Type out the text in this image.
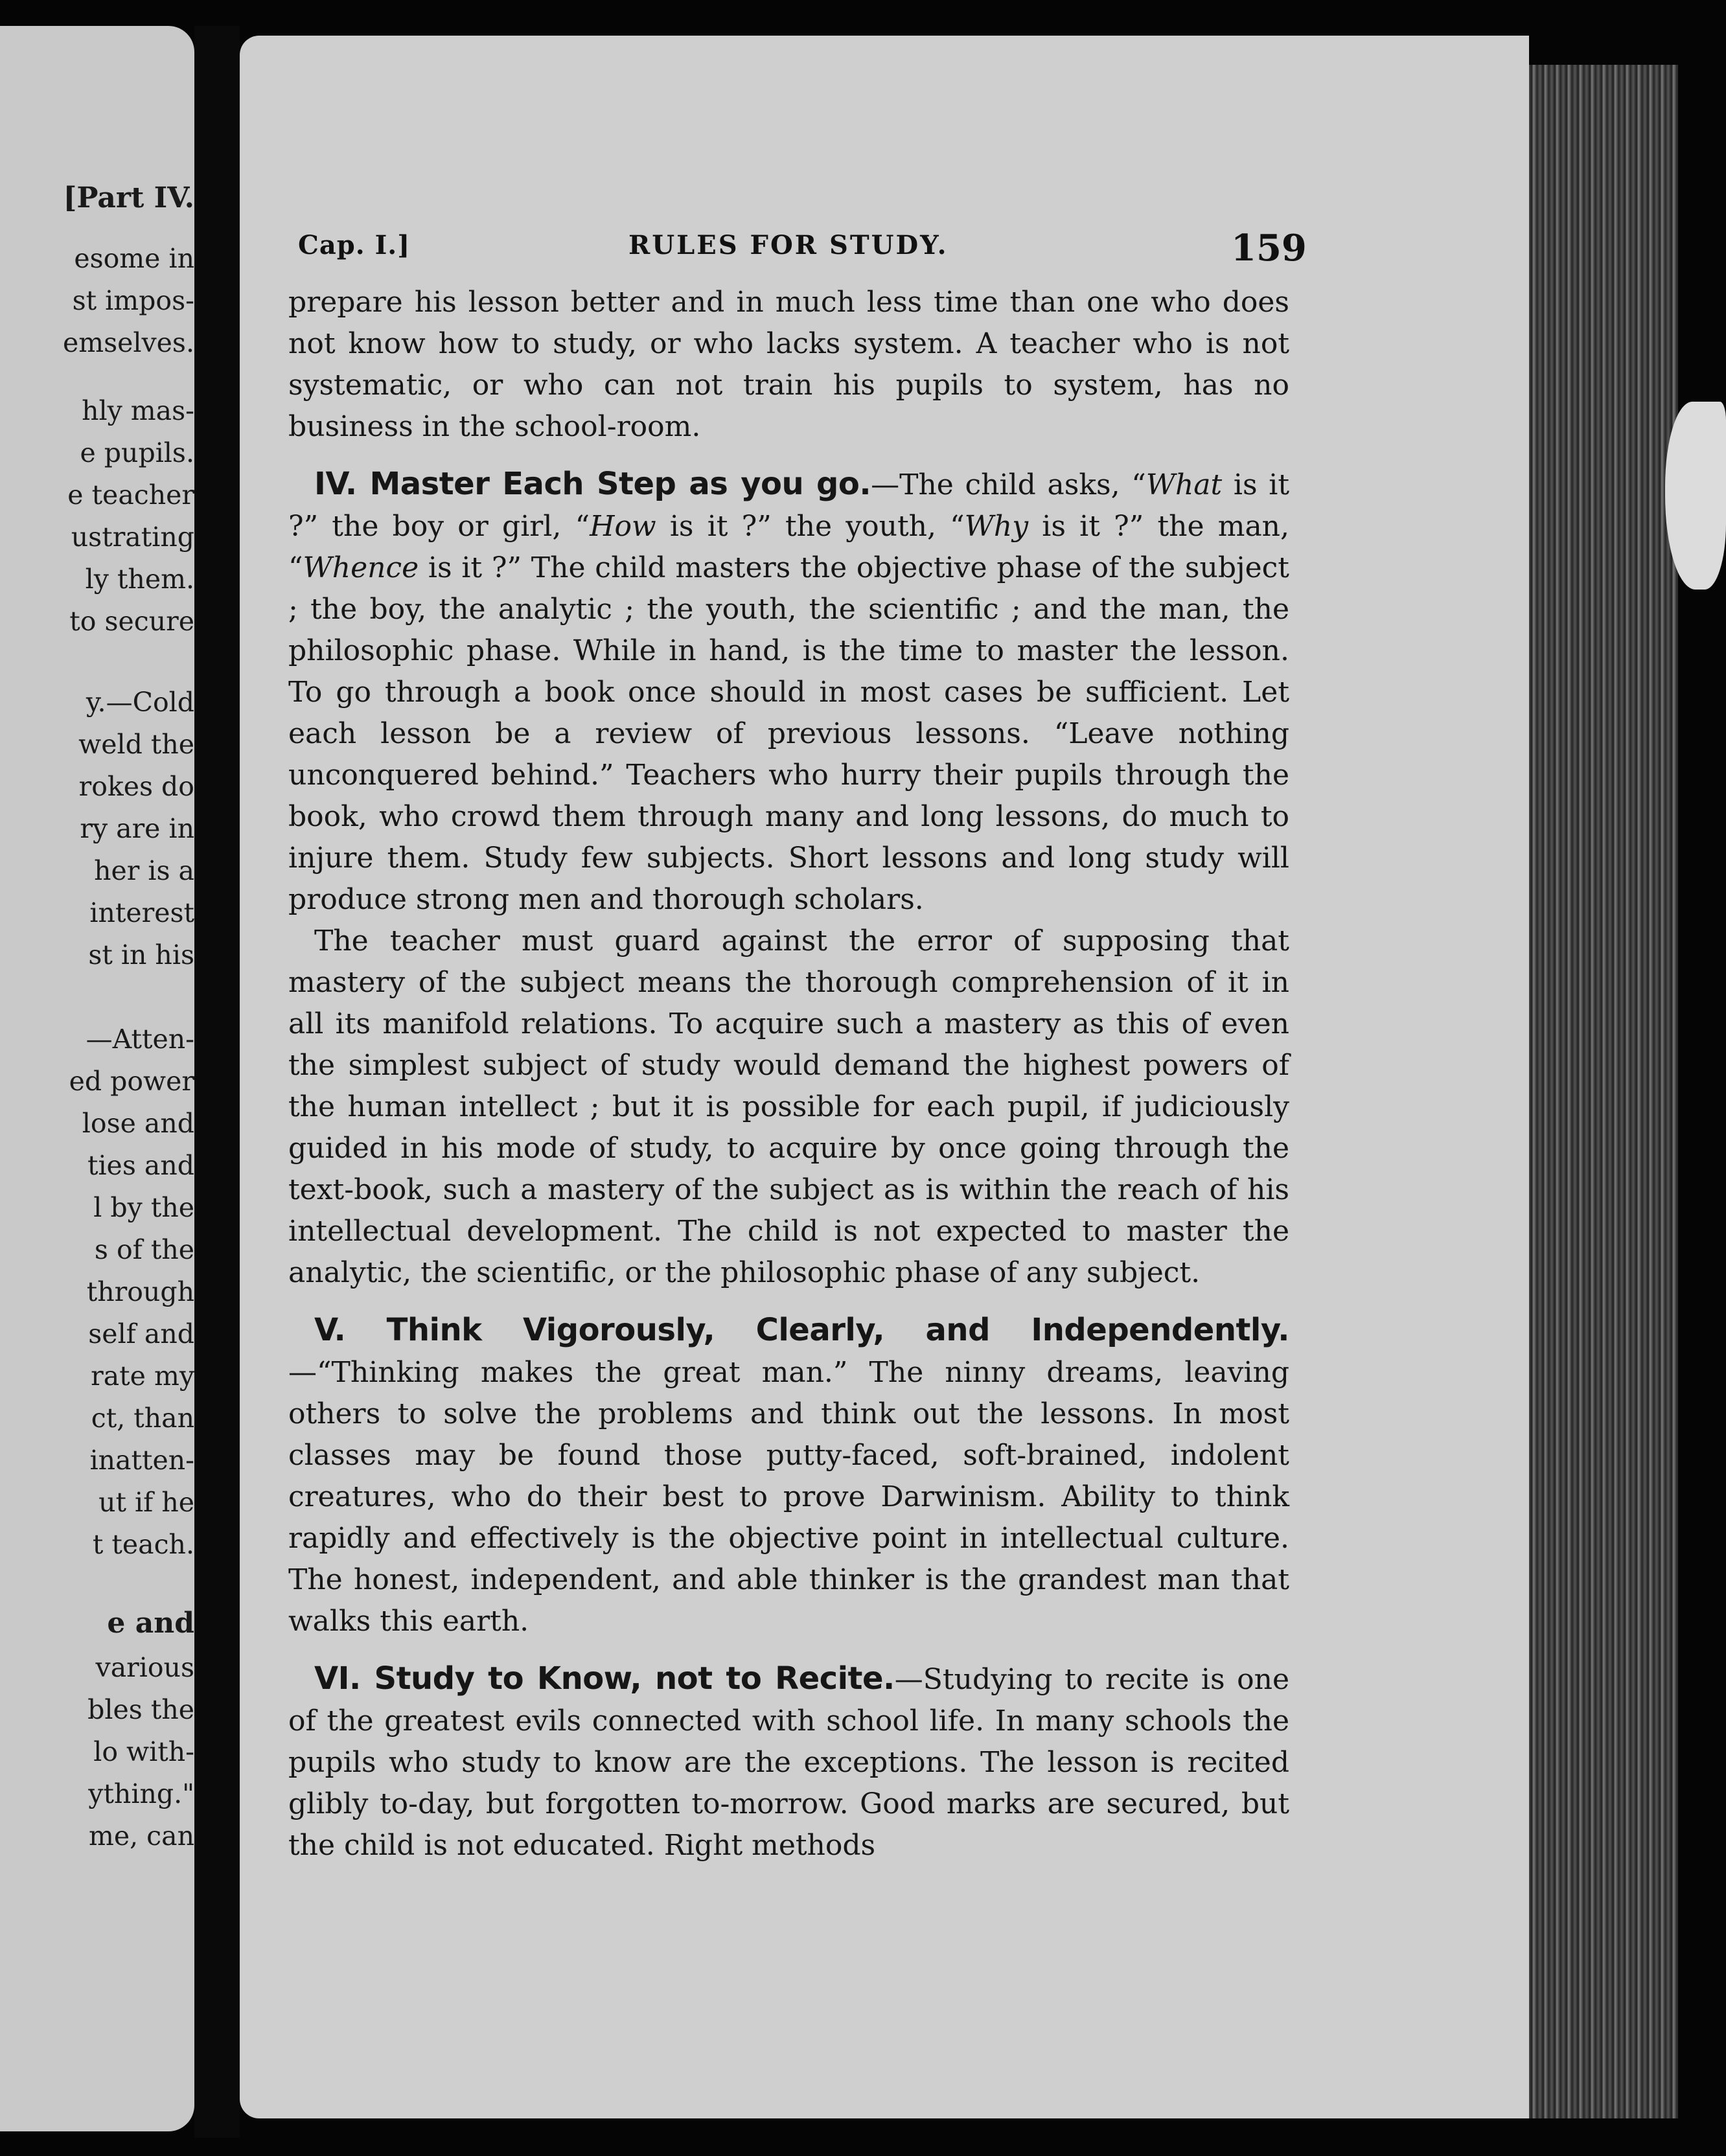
[Part IV.
esome in
st impos-
emselves.
hly mas-
e pupils.
e teacher
ustrating
ly them.
to secure
y.—Cold
weld the
rokes do
ry are in
her is a
interest
st in his
—Atten-
ed power
lose and
ties and
l by the
s of the
through
self and
rate my
ct, than
inatten-
ut if he
t teach.
e and
various
bles the
lo with-
ything."
me, can
Cap. I.]	RULES FOR STUDY.	159

prepare his lesson better and in much less time than one who does not know how to study, or who lacks system. A teacher who is not systematic, or who can not train his pupils to system, has no business in the school-room.

IV. Master Each Step as you go.—The child asks, “What is it ?” the boy or girl, “How is it ?” the youth, “Why is it ?” the man, “Whence is it ?” The child masters the objective phase of the subject ; the boy, the analytic ; the youth, the scientific ; and the man, the philosophic phase. While in hand, is the time to master the lesson. To go through a book once should in most cases be sufficient. Let each lesson be a review of previous lessons. “Leave nothing unconquered behind.” Teachers who hurry their pupils through the book, who crowd them through many and long lessons, do much to injure them. Study few subjects. Short lessons and long study will produce strong men and thorough scholars.

The teacher must guard against the error of supposing that mastery of the subject means the thorough comprehension of it in all its manifold relations. To acquire such a mastery as this of even the simplest subject of study would demand the highest powers of the human intellect ; but it is possible for each pupil, if judiciously guided in his mode of study, to acquire by once going through the text-book, such a mastery of the subject as is within the reach of his intellectual development. The child is not expected to master the analytic, the scientific, or the philosophic phase of any subject.

V. Think Vigorously, Clearly, and Independently.—“Thinking makes the great man.” The ninny dreams, leaving others to solve the problems and think out the lessons. In most classes may be found those putty-faced, soft-brained, indolent creatures, who do their best to prove Darwinism. Ability to think rapidly and effectively is the objective point in intellectual culture. The honest, independent, and able thinker is the grandest man that walks this earth.

VI. Study to Know, not to Recite.—Studying to recite is one of the greatest evils connected with school life. In many schools the pupils who study to know are the exceptions. The lesson is recited glibly to-day, but forgotten to-morrow. Good marks are secured, but the child is not educated. Right methods
